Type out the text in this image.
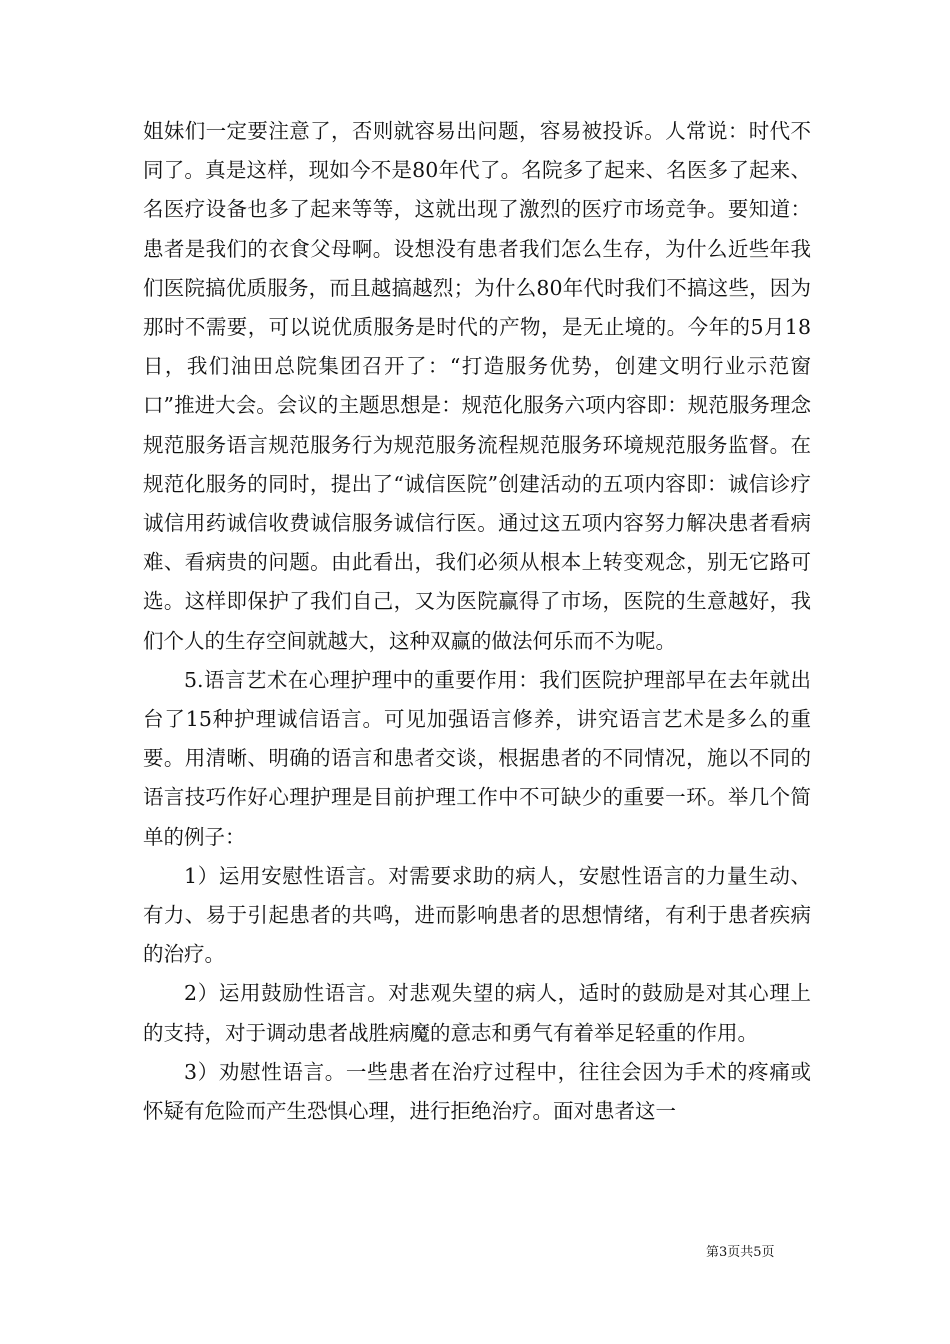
姐妹们一定要注意了，否则就容易出问题，容易被投诉。人常说：时代不同了。真是这样，现如今不是80年代了。名院多了起来、名医多了起来、名医疗设备也多了起来等等，这就出现了激烈的医疗市场竞争。要知道：患者是我们的衣食父母啊。设想没有患者我们怎么生存，为什么近些年我们医院搞优质服务，而且越搞越烈；为什么80年代时我们不搞这些，因为那时不需要，可以说优质服务是时代的产物，是无止境的。今年的5月18日，我们油田总院集团召开了：“打造服务优势，创建文明行业示范窗口”推进大会。会议的主题思想是：规范化服务六项内容即：规范服务理念规范服务语言规范服务行为规范服务流程规范服务环境规范服务监督。在规范化服务的同时，提出了“诚信医院”创建活动的五项内容即：诚信诊疗诚信用药诚信收费诚信服务诚信行医。通过这五项内容努力解决患者看病难、看病贵的问题。由此看出，我们必须从根本上转变观念，别无它路可选。这样即保护了我们自己，又为医院赢得了市场，医院的生意越好，我们个人的生存空间就越大，这种双赢的做法何乐而不为呢。

5.语言艺术在心理护理中的重要作用：我们医院护理部早在去年就出台了15种护理诚信语言。可见加强语言修养，讲究语言艺术是多么的重要。用清晰、明确的语言和患者交谈，根据患者的不同情况，施以不同的语言技巧作好心理护理是目前护理工作中不可缺少的重要一环。举几个简单的例子：

1）运用安慰性语言。对需要求助的病人，安慰性语言的力量生动、有力、易于引起患者的共鸣，进而影响患者的思想情绪，有利于患者疾病的治疗。

2）运用鼓励性语言。对悲观失望的病人，适时的鼓励是对其心理上的支持，对于调动患者战胜病魔的意志和勇气有着举足轻重的作用。

3）劝慰性语言。一些患者在治疗过程中，往往会因为手术的疼痛或怀疑有危险而产生恐惧心理，进行拒绝治疗。面对患者这一

第3页共5页
